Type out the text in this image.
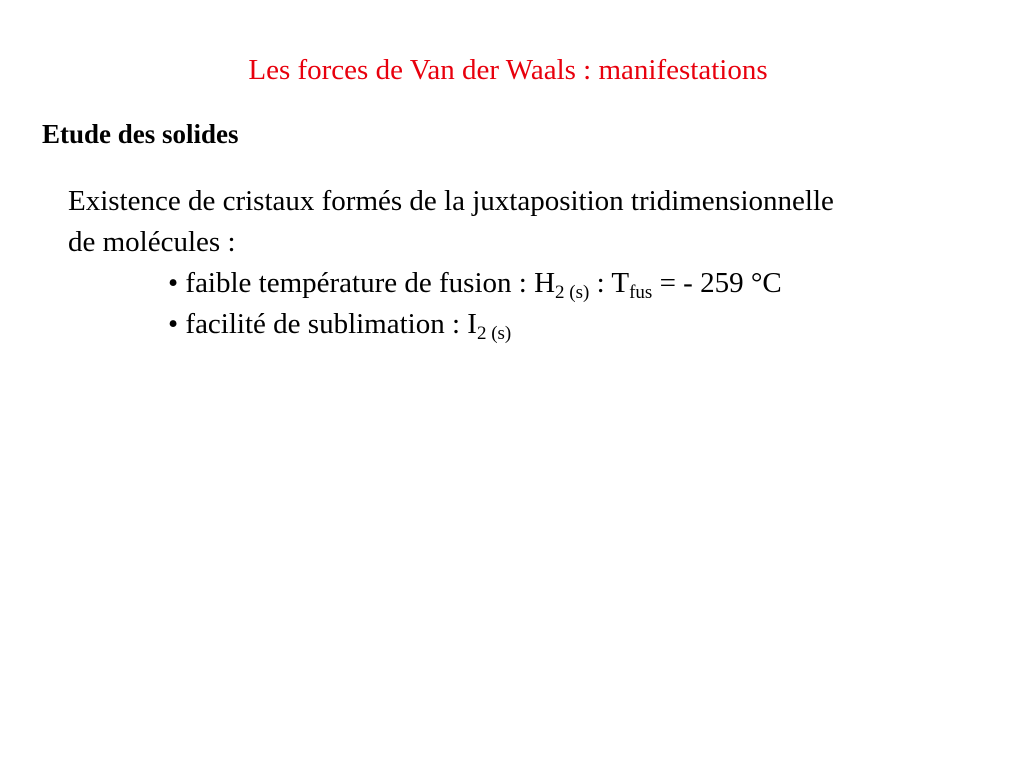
Les forces de Van der Waals : manifestations
Etude des solides
Existence de cristaux formés de la juxtaposition tridimensionnelle
de molécules :
• faible température de fusion : $H_{2 (s)}$ : $T_{fus}$ = - 259 °C
• facilité de sublimation : $I_{2 (s)}$
